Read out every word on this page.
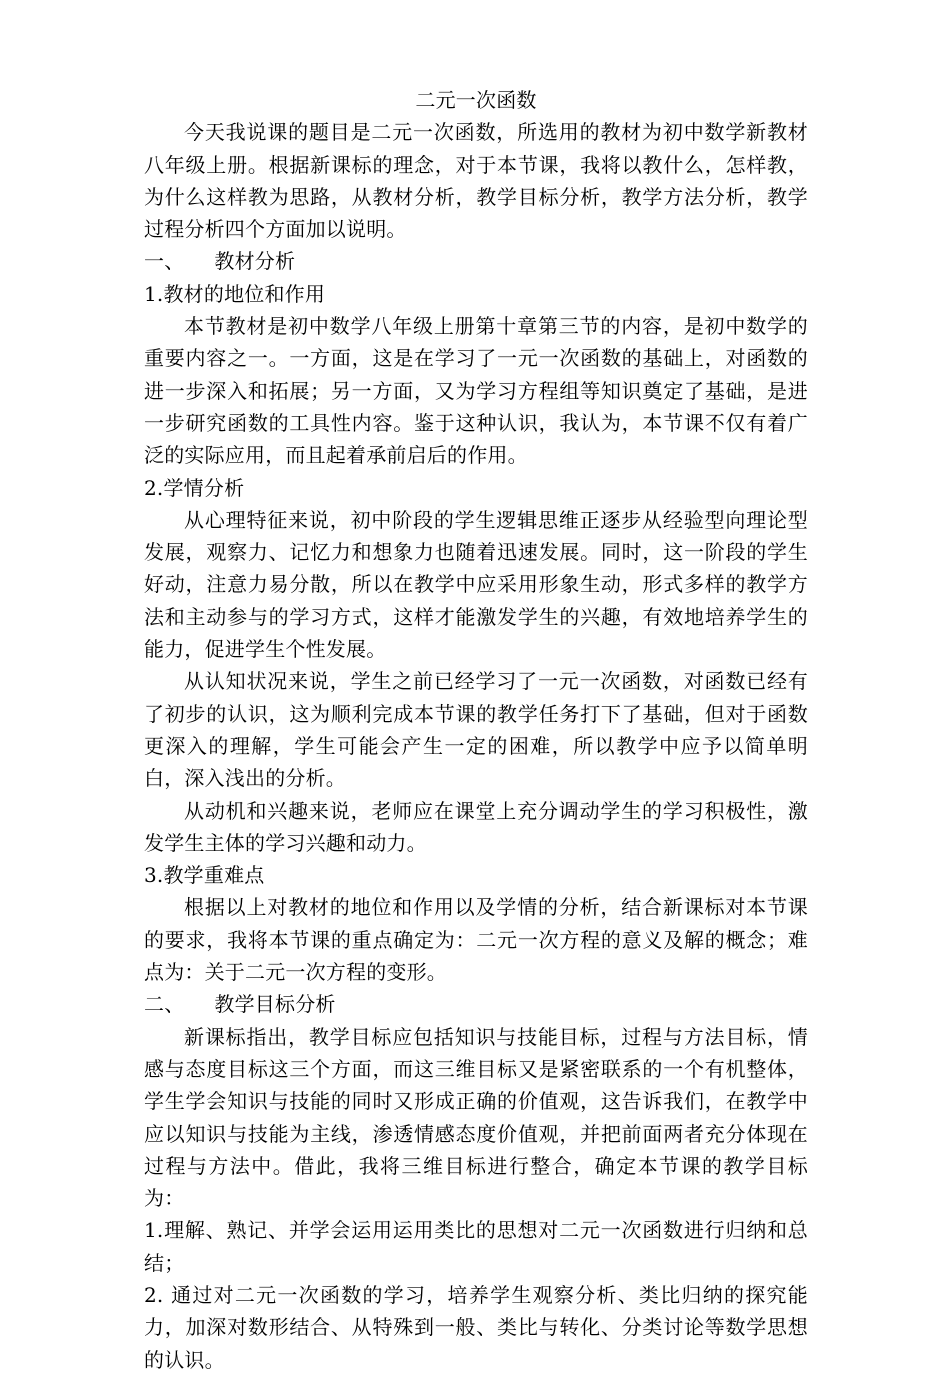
二元一次函数

今天我说课的题目是二元一次函数，所选用的教材为初中数学新教材八年级上册。根据新课标的理念，对于本节课，我将以教什么，怎样教，为什么这样教为思路，从教材分析，教学目标分析，教学方法分析，教学过程分析四个方面加以说明。

一、 教材分析

1.教材的地位和作用

本节教材是初中数学八年级上册第十章第三节的内容，是初中数学的重要内容之一。一方面，这是在学习了一元一次函数的基础上，对函数的进一步深入和拓展；另一方面，又为学习方程组等知识奠定了基础，是进一步研究函数的工具性内容。鉴于这种认识，我认为，本节课不仅有着广泛的实际应用，而且起着承前启后的作用。

2.学情分析

从心理特征来说，初中阶段的学生逻辑思维正逐步从经验型向理论型发展，观察力、记忆力和想象力也随着迅速发展。同时，这一阶段的学生好动，注意力易分散，所以在教学中应采用形象生动，形式多样的教学方法和主动参与的学习方式，这样才能激发学生的兴趣，有效地培养学生的能力，促进学生个性发展。

从认知状况来说，学生之前已经学习了一元一次函数，对函数已经有了初步的认识，这为顺利完成本节课的教学任务打下了基础，但对于函数更深入的理解，学生可能会产生一定的困难，所以教学中应予以简单明白，深入浅出的分析。

从动机和兴趣来说，老师应在课堂上充分调动学生的学习积极性，激发学生主体的学习兴趣和动力。

3.教学重难点

根据以上对教材的地位和作用以及学情的分析，结合新课标对本节课的要求，我将本节课的重点确定为：二元一次方程的意义及解的概念；难点为：关于二元一次方程的变形。

二、 教学目标分析

新课标指出，教学目标应包括知识与技能目标，过程与方法目标，情感与态度目标这三个方面，而这三维目标又是紧密联系的一个有机整体，学生学会知识与技能的同时又形成正确的价值观，这告诉我们，在教学中应以知识与技能为主线，渗透情感态度价值观，并把前面两者充分体现在过程与方法中。借此，我将三维目标进行整合，确定本节课的教学目标为：

1.理解、熟记、并学会运用运用类比的思想对二元一次函数进行归纳和总结；

2. 通过对二元一次函数的学习，培养学生观察分析、类比归纳的探究能力，加深对数形结合、从特殊到一般、类比与转化、分类讨论等数学思想的认识。
